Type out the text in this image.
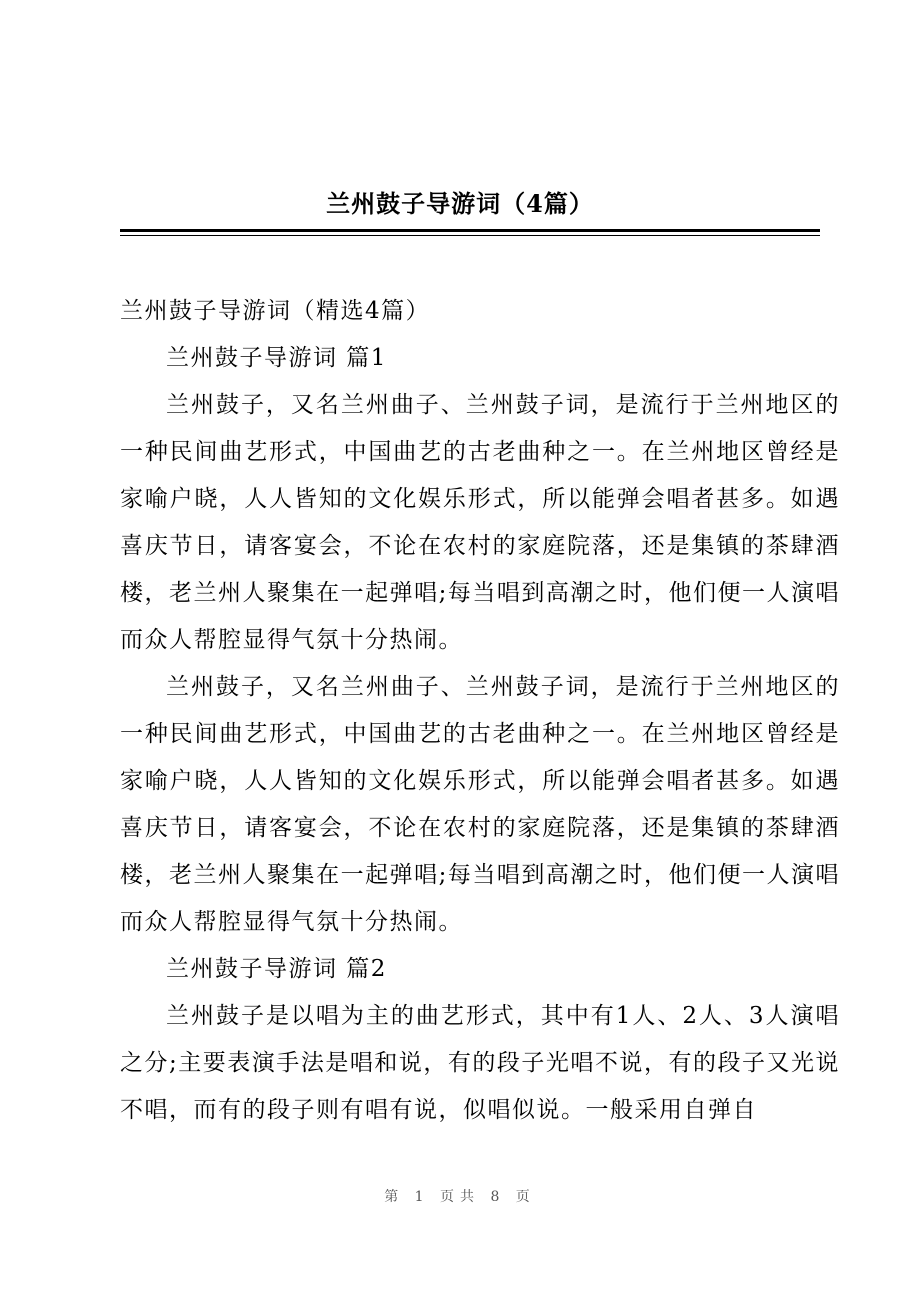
兰州鼓子导游词（4篇）

兰州鼓子导游词（精选4篇）

兰州鼓子导游词 篇1

兰州鼓子，又名兰州曲子、兰州鼓子词，是流行于兰州地区的一种民间曲艺形式，中国曲艺的古老曲种之一。在兰州地区曾经是家喻户晓，人人皆知的文化娱乐形式，所以能弹会唱者甚多。如遇喜庆节日，请客宴会，不论在农村的家庭院落，还是集镇的茶肆酒楼，老兰州人聚集在一起弹唱;每当唱到高潮之时，他们便一人演唱而众人帮腔显得气氛十分热闹。

兰州鼓子，又名兰州曲子、兰州鼓子词，是流行于兰州地区的一种民间曲艺形式，中国曲艺的古老曲种之一。在兰州地区曾经是家喻户晓，人人皆知的文化娱乐形式，所以能弹会唱者甚多。如遇喜庆节日，请客宴会，不论在农村的家庭院落，还是集镇的茶肆酒楼，老兰州人聚集在一起弹唱;每当唱到高潮之时，他们便一人演唱而众人帮腔显得气氛十分热闹。

兰州鼓子导游词 篇2

兰州鼓子是以唱为主的曲艺形式，其中有1人、2人、3人演唱之分;主要表演手法是唱和说，有的段子光唱不说，有的段子又光说不唱，而有的段子则有唱有说，似唱似说。一般采用自弹自

第 1 页共 8 页
